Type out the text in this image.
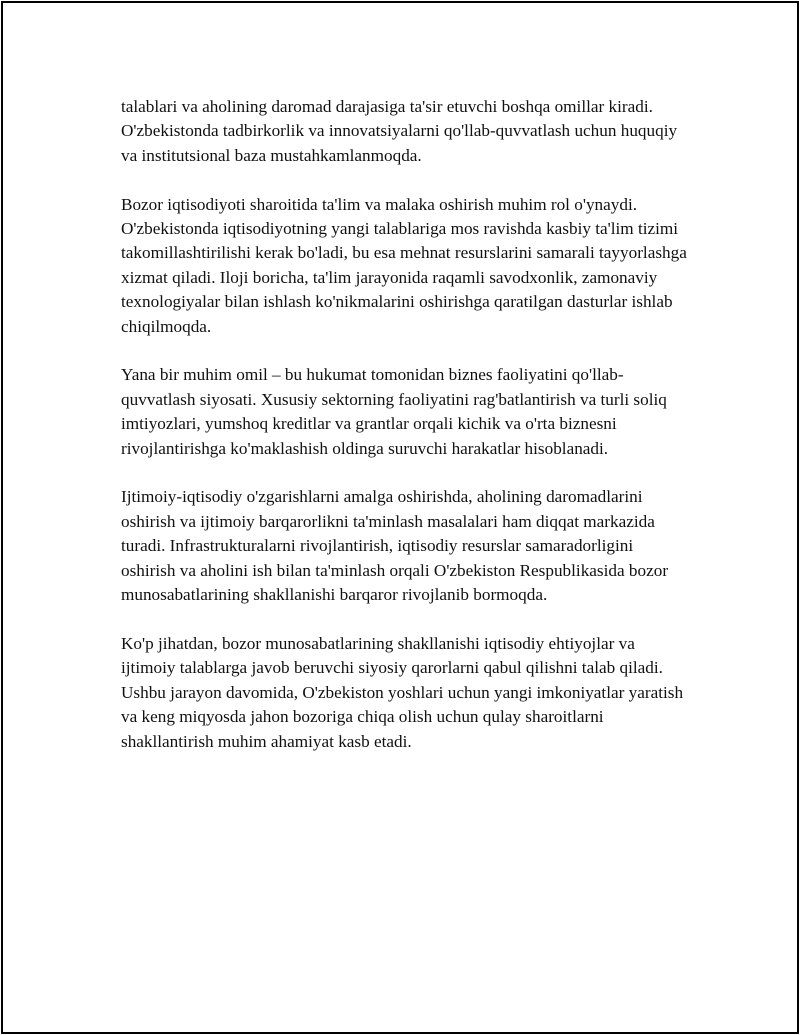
talablari va aholining daromad darajasiga ta'sir etuvchi boshqa omillar kiradi. O'zbekistonda tadbirkorlik va innovatsiyalarni qo'llab-quvvatlash uchun huquqiy va institutsional baza mustahkamlanmoqda.

Bozor iqtisodiyoti sharoitida ta'lim va malaka oshirish muhim rol o'ynaydi. O'zbekistonda iqtisodiyotning yangi talablariga mos ravishda kasbiy ta'lim tizimi takomillashtirilishi kerak bo'ladi, bu esa mehnat resurslarini samarali tayyorlashga xizmat qiladi. Iloji boricha, ta'lim jarayonida raqamli savodxonlik, zamonaviy texnologiyalar bilan ishlash ko'nikmalarini oshirishga qaratilgan dasturlar ishlab chiqilmoqda.

Yana bir muhim omil – bu hukumat tomonidan biznes faoliyatini qo'llab-quvvatlash siyosati. Xususiy sektorning faoliyatini rag'batlantirish va turli soliq imtiyozlari, yumshoq kreditlar va grantlar orqali kichik va o'rta biznesni rivojlantirishga ko'maklashish oldinga suruvchi harakatlar hisoblanadi.

Ijtimoiy-iqtisodiy o'zgarishlarni amalga oshirishda, aholining daromadlarini oshirish va ijtimoiy barqarorlikni ta'minlash masalalari ham diqqat markazida turadi. Infrastrukturalarni rivojlantirish, iqtisodiy resurslar samaradorligini oshirish va aholini ish bilan ta'minlash orqali O'zbekiston Respublikasida bozor munosabatlarining shakllanishi barqaror rivojlanib bormoqda.

Ko'p jihatdan, bozor munosabatlarining shakllanishi iqtisodiy ehtiyojlar va ijtimoiy talablarga javob beruvchi siyosiy qarorlarni qabul qilishni talab qiladi. Ushbu jarayon davomida, O'zbekiston yoshlari uchun yangi imkoniyatlar yaratish va keng miqyosda jahon bozoriga chiqa olish uchun qulay sharoitlarni shakllantirish muhim ahamiyat kasb etadi.
